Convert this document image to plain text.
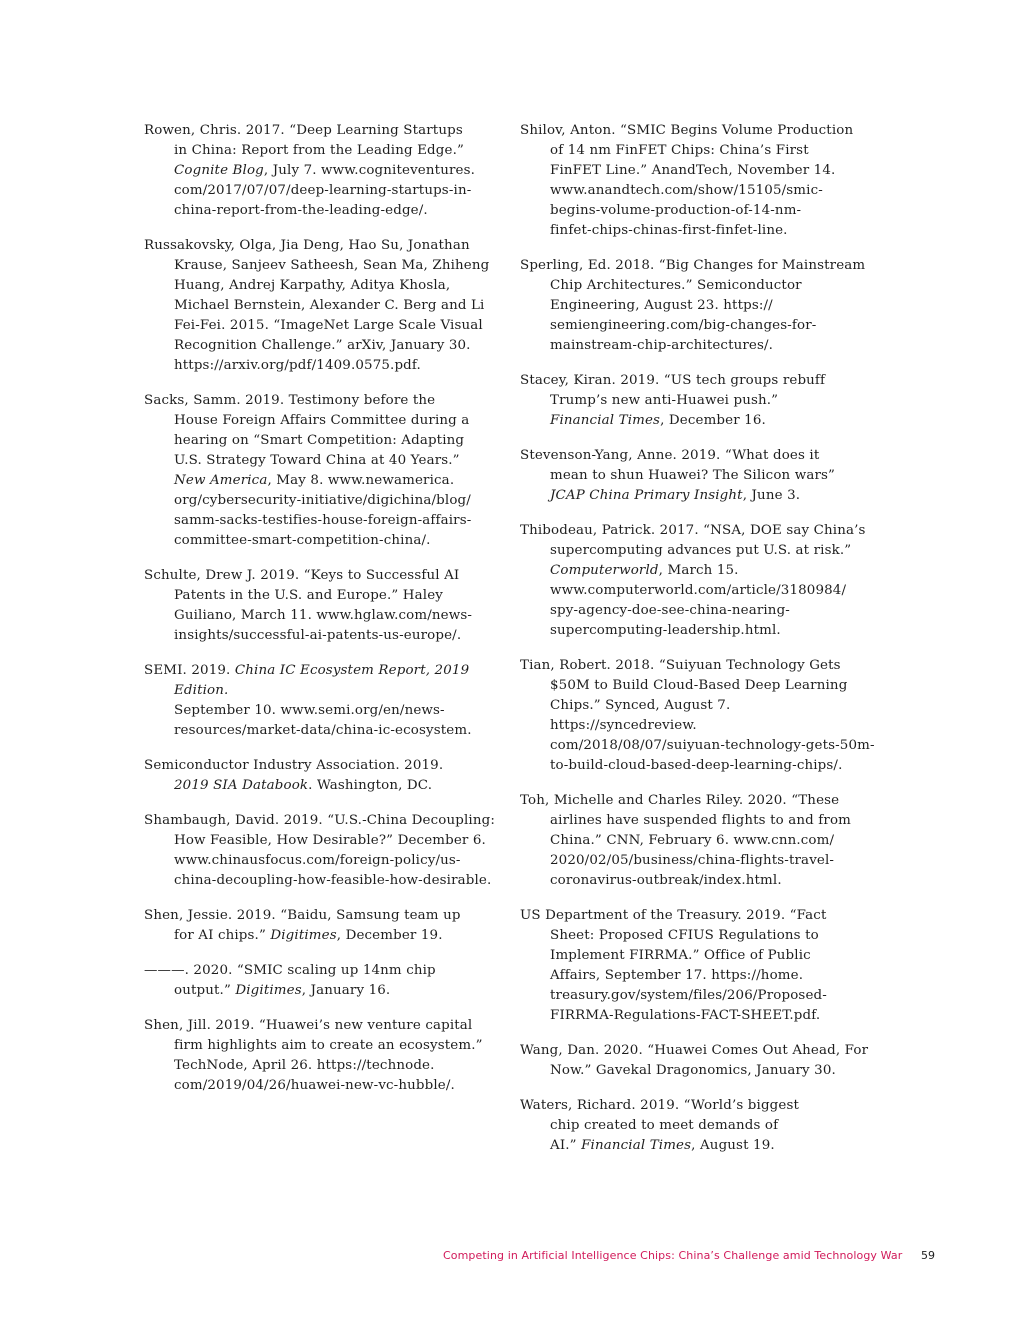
Rowen, Chris. 2017. “Deep Learning Startups
in China: Report from the Leading Edge.”
Cognite Blog, July 7. www.cogniteventures.
com/2017/07/07/deep-learning-startups-in-
china-report-from-the-leading-edge/.

Russakovsky, Olga, Jia Deng, Hao Su, Jonathan
Krause, Sanjeev Satheesh, Sean Ma, Zhiheng
Huang, Andrej Karpathy, Aditya Khosla,
Michael Bernstein, Alexander C. Berg and Li
Fei-Fei. 2015. “ImageNet Large Scale Visual
Recognition Challenge.” arXiv, January 30.
https://arxiv.org/pdf/1409.0575.pdf.

Sacks, Samm. 2019. Testimony before the
House Foreign Affairs Committee during a
hearing on “Smart Competition: Adapting
U.S. Strategy Toward China at 40 Years.”
New America, May 8. www.newamerica.
org/cybersecurity-initiative/digichina/blog/
samm-sacks-testifies-house-foreign-affairs-
committee-smart-competition-china/.

Schulte, Drew J. 2019. “Keys to Successful AI
Patents in the U.S. and Europe.” Haley
Guiliano, March 11. www.hglaw.com/news-
insights/successful-ai-patents-us-europe/.

SEMI. 2019. China IC Ecosystem Report, 2019 Edition.
September 10. www.semi.org/en/news-
resources/market-data/china-ic-ecosystem.

Semiconductor Industry Association. 2019.
2019 SIA Databook. Washington, DC.

Shambaugh, David. 2019. “U.S.-China Decoupling:
How Feasible, How Desirable?” December 6.
www.chinausfocus.com/foreign-policy/us-
china-decoupling-how-feasible-how-desirable.

Shen, Jessie. 2019. “Baidu, Samsung team up
for AI chips.” Digitimes, December 19.

———. 2020. “SMIC scaling up 14nm chip
output.” Digitimes, January 16.

Shen, Jill. 2019. “Huawei’s new venture capital
firm highlights aim to create an ecosystem.”
TechNode, April 26. https://technode.
com/2019/04/26/huawei-new-vc-hubble/.

Shilov, Anton. “SMIC Begins Volume Production
of 14 nm FinFET Chips: China’s First
FinFET Line.” AnandTech, November 14.
www.anandtech.com/show/15105/smic-
begins-volume-production-of-14-nm-
finfet-chips-chinas-first-finfet-line.

Sperling, Ed. 2018. “Big Changes for Mainstream
Chip Architectures.” Semiconductor
Engineering, August 23. https://
semiengineering.com/big-changes-for-
mainstream-chip-architectures/.

Stacey, Kiran. 2019. “US tech groups rebuff
Trump’s new anti-Huawei push.”
Financial Times, December 16.

Stevenson-Yang, Anne. 2019. “What does it
mean to shun Huawei? The Silicon wars”
JCAP China Primary Insight, June 3.

Thibodeau, Patrick. 2017. “NSA, DOE say China’s
supercomputing advances put U.S. at risk.”
Computerworld, March 15.
www.computerworld.com/article/3180984/
spy-agency-doe-see-china-nearing-
supercomputing-leadership.html.

Tian, Robert. 2018. “Suiyuan Technology Gets
$50M to Build Cloud-Based Deep Learning
Chips.” Synced, August 7. https://syncedreview.
com/2018/08/07/suiyuan-technology-gets-50m-
to-build-cloud-based-deep-learning-chips/.

Toh, Michelle and Charles Riley. 2020. “These
airlines have suspended flights to and from
China.” CNN, February 6. www.cnn.com/
2020/02/05/business/china-flights-travel-
coronavirus-outbreak/index.html.

US Department of the Treasury. 2019. “Fact
Sheet: Proposed CFIUS Regulations to
Implement FIRRMA.” Office of Public
Affairs, September 17. https://home.
treasury.gov/system/files/206/Proposed-
FIRRMA-Regulations-FACT-SHEET.pdf.

Wang, Dan. 2020. “Huawei Comes Out Ahead, For
Now.” Gavekal Dragonomics, January 30.

Waters, Richard. 2019. “World’s biggest
chip created to meet demands of
AI.” Financial Times, August 19.

Competing in Artificial Intelligence Chips: China’s Challenge amid Technology War 59
